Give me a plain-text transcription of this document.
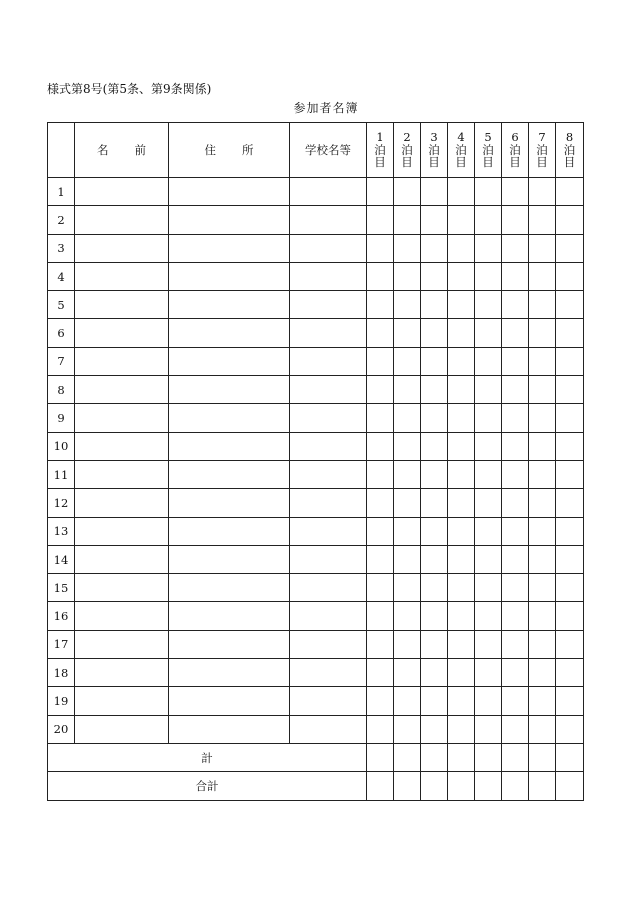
様式第8号(第5条、第9条関係)
参加者名簿
	名 前	住 所	学校名等	1
泊
目	2
泊
目	3
泊
目	4
泊
目	5
泊
目	6
泊
目	7
泊
目	8
泊
目

1											
2											
3											
4											
5											
6											
7											
8											
9											
10											
11											
12											
13											
14											
15											
16											
17											
18											
19											
20											
計											
合計											
